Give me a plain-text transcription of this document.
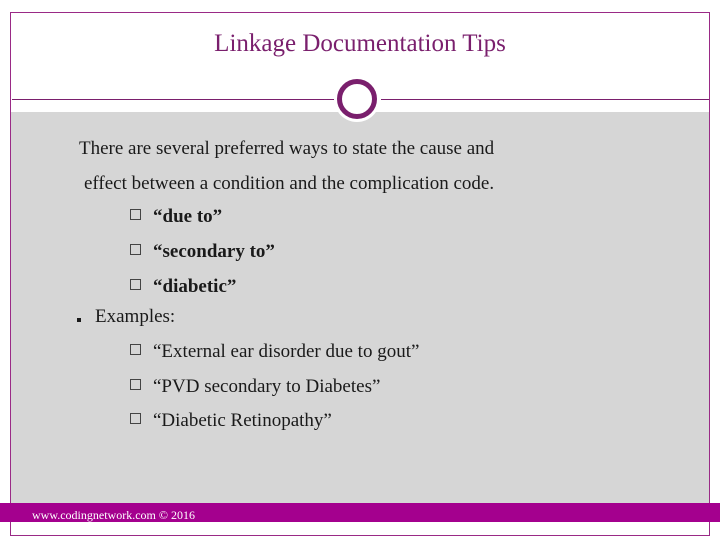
Linkage Documentation Tips
There are several preferred ways to state the cause and
effect between a condition and the complication code.
“due to”
“secondary to”
“diabetic”
Examples:
“External ear disorder due to gout”
“PVD secondary to Diabetes”
“Diabetic Retinopathy”
www.codingnetwork.com © 2016
The Coding Network, LLC
